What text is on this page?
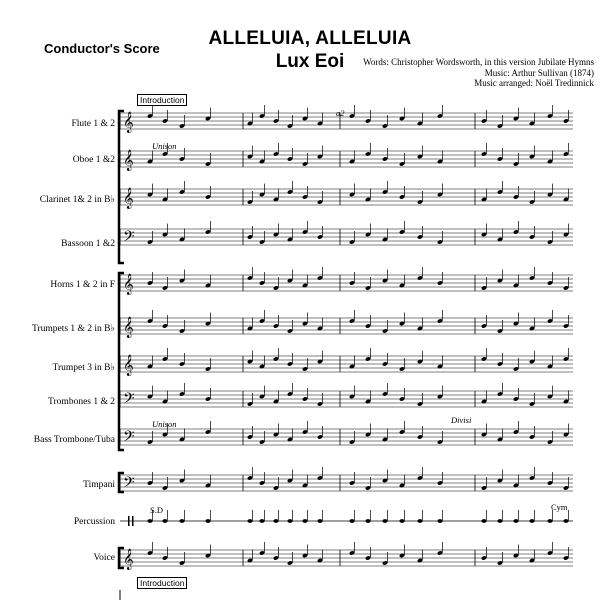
𝄞
𝄞
𝄞
𝄢
𝄞
𝄞
𝄞
𝄢
𝄢
𝄢
𝄞
Conductor's Score	ALLELUIA, ALLELUIA
Lux Eoi	Words: Christopher Wordsworth, in this version Jubilate Hymns
Music: Arthur Sullivan (1874)
Music arranged: Noël Tredinnick
Introduction
Introduction
Flute 1 & 2
Oboe 1 &2
Clarinet 1& 2 in B♭
Bassoon 1 &2
Horns 1 & 2 in F
Trumpets 1 & 2 in B♭
Trumpet 3 in B♭
Trombones 1 & 2
Bass Trombone/Tuba
Timpani
Percussion
Voice
Unison
Unison	Divisi
a2
S.D	Cym
